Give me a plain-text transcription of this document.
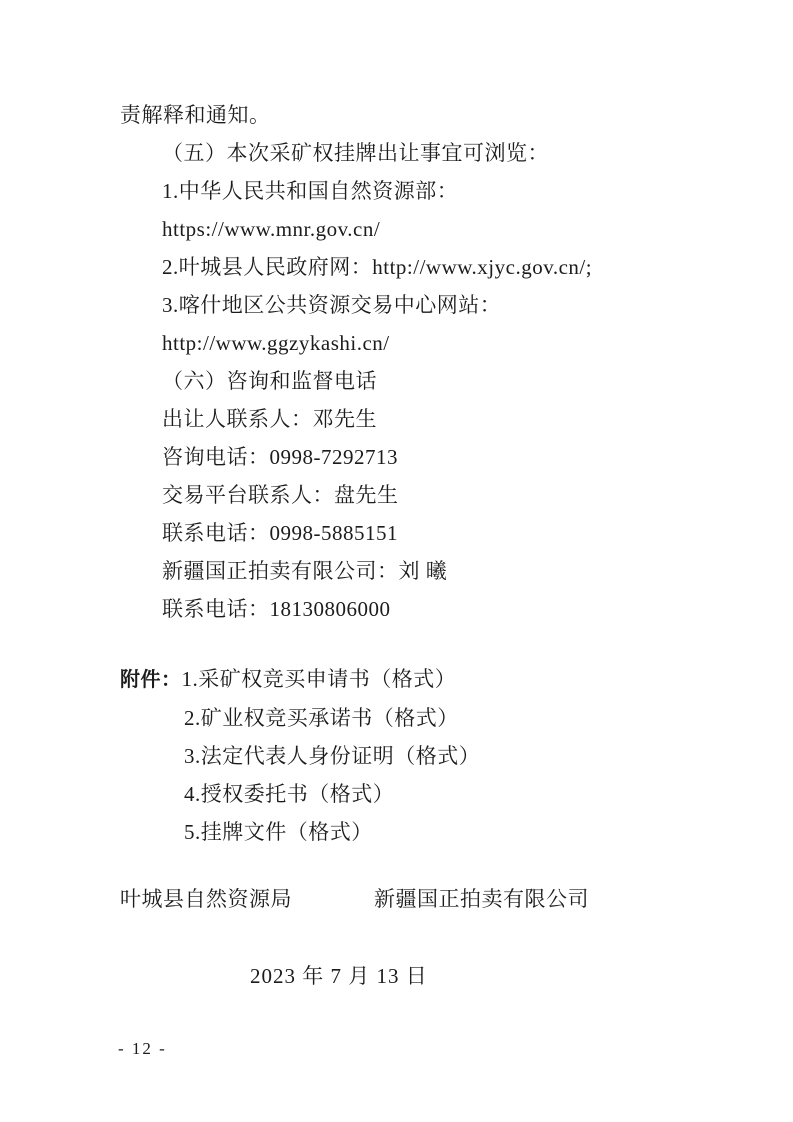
责解释和通知。

（五）本次采矿权挂牌出让事宜可浏览：

1.中华人民共和国自然资源部：

https://www.mnr.gov.cn/

2.叶城县人民政府网：http://www.xjyc.gov.cn/;

3.喀什地区公共资源交易中心网站：

http://www.ggzykashi.cn/

（六）咨询和监督电话

出让人联系人：邓先生

咨询电话：0998-7292713

交易平台联系人：盘先生

联系电话：0998-5885151

新疆国正拍卖有限公司：刘 曦

联系电话：18130806000

附件：1.采矿权竞买申请书（格式）

2.矿业权竞买承诺书（格式）

3.法定代表人身份证明（格式）

4.授权委托书（格式）

5.挂牌文件（格式）

叶城县自然资源局	新疆国正拍卖有限公司

2023 年 7 月 13 日

- 12 -
